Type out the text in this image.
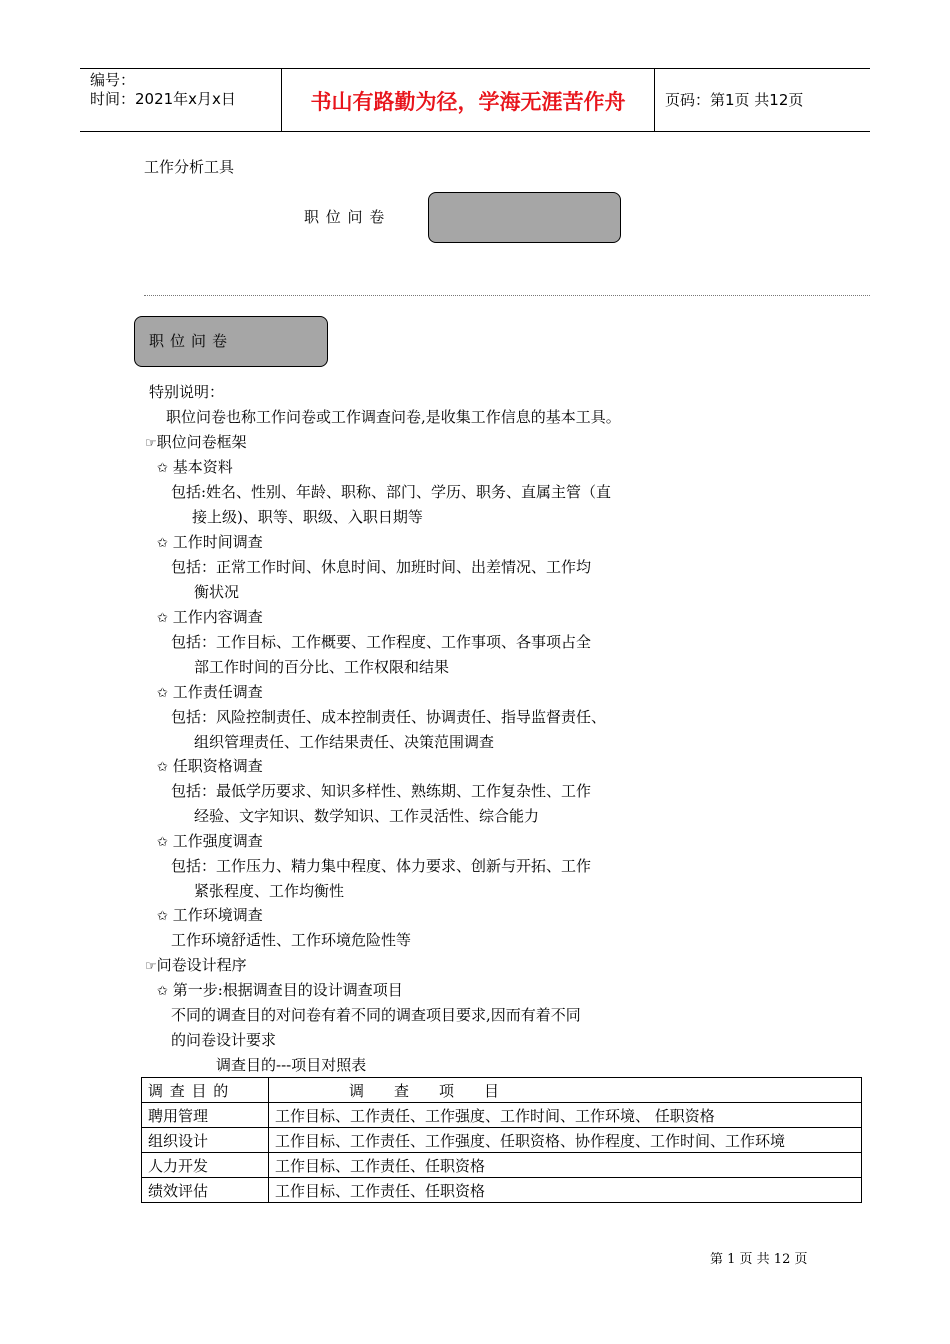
编号：
时间：2021年x月x日	书山有路勤为径，学海无涯苦作舟	页码：第1页 共12页
工作分析工具
职 位 问 卷
职位问卷
特别说明：
职位问卷也称工作问卷或工作调查问卷,是收集工作信息的基本工具。
☞职位问卷框架
✩ 基本资料
包括:姓名、性别、年龄、职称、部门、学历、职务、直属主管（直
接上级)、职等、职级、入职日期等
✩ 工作时间调查
包括：正常工作时间、休息时间、加班时间、出差情况、工作均
衡状况
✩ 工作内容调查
包括：工作目标、工作概要、工作程度、工作事项、各事项占全
部工作时间的百分比、工作权限和结果
✩ 工作责任调查
包括：风险控制责任、成本控制责任、协调责任、指导监督责任、
组织管理责任、工作结果责任、决策范围调查
✩ 任职资格调查
包括：最低学历要求、知识多样性、熟练期、工作复杂性、工作
经验、文字知识、数学知识、工作灵活性、综合能力
✩ 工作强度调查
包括：工作压力、精力集中程度、体力要求、创新与开拓、工作
紧张程度、工作均衡性
✩ 工作环境调查
工作环境舒适性、工作环境危险性等
☞问卷设计程序
✩ 第一步:根据调查目的设计调查项目
不同的调查目的对问卷有着不同的调查项目要求,因而有着不同
的问卷设计要求
调查目的---项目对照表
调 查 目 的	调　　查　　项　　目
聘用管理	工作目标、工作责任、工作强度、工作时间、工作环境、 任职资格
组织设计	工作目标、工作责任、工作强度、任职资格、协作程度、工作时间、工作环境
人力开发	工作目标、工作责任、任职资格
绩效评估	工作目标、工作责任、任职资格
第 1 页 共 12 页
